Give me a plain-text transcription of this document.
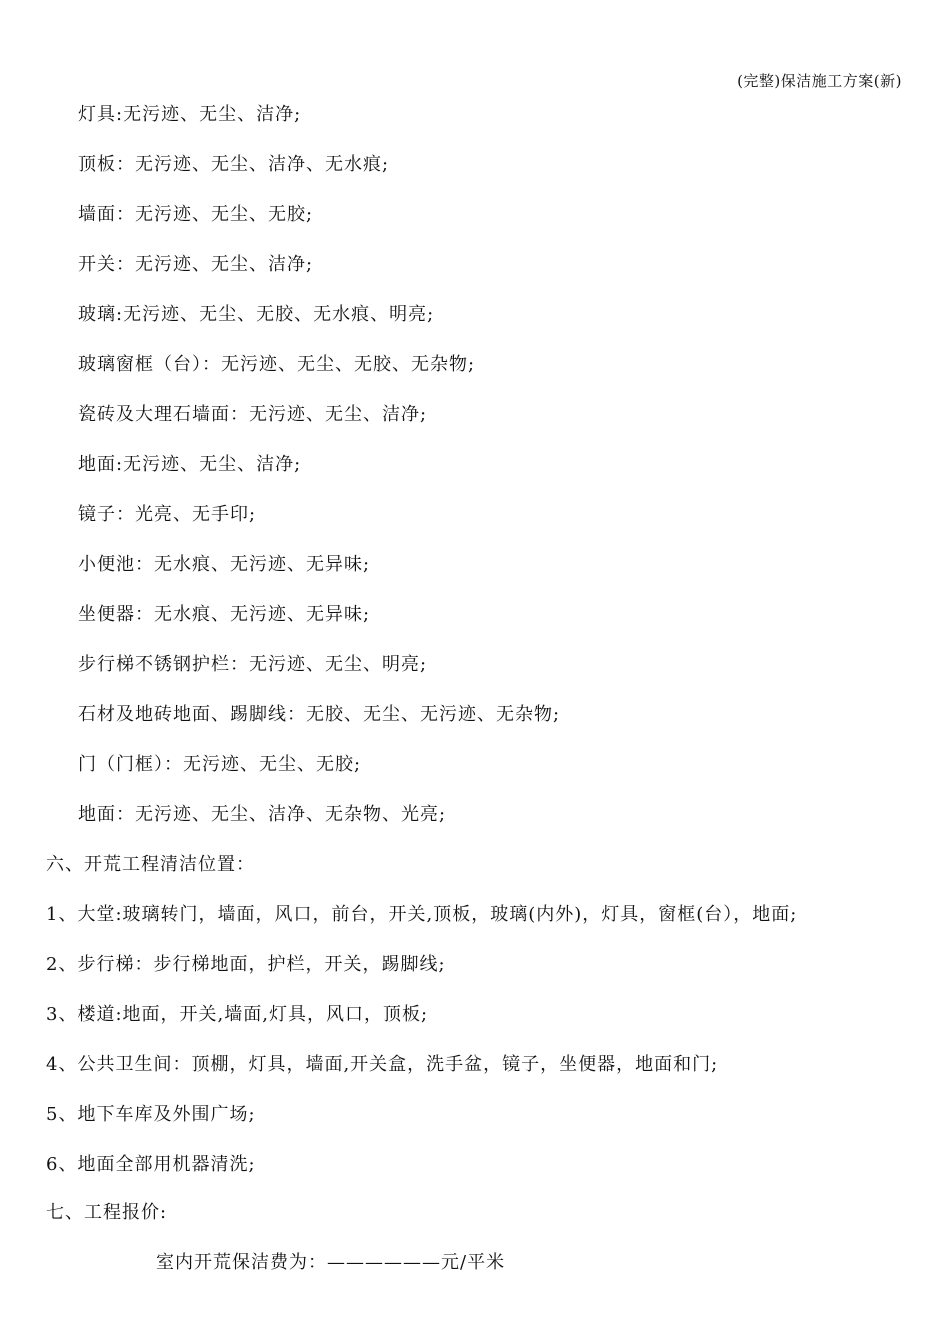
(完整)保洁施工方案(新)
灯具:无污迹、无尘、洁净;
顶板：无污迹、无尘、洁净、无水痕;
墙面：无污迹、无尘、无胶;
开关：无污迹、无尘、洁净;
玻璃:无污迹、无尘、无胶、无水痕、明亮;
玻璃窗框（台）：无污迹、无尘、无胶、无杂物;
瓷砖及大理石墙面：无污迹、无尘、洁净;
地面:无污迹、无尘、洁净;
镜子：光亮、无手印;
小便池：无水痕、无污迹、无异味;
坐便器：无水痕、无污迹、无异味;
步行梯不锈钢护栏：无污迹、无尘、明亮;
石材及地砖地面、踢脚线：无胶、无尘、无污迹、无杂物;
门（门框）：无污迹、无尘、无胶;
地面：无污迹、无尘、洁净、无杂物、光亮;
六、开荒工程清洁位置：
1、大堂:玻璃转门，墙面，风口，前台，开关,顶板，玻璃(内外)，灯具，窗框(台），地面;
2、步行梯：步行梯地面，护栏，开关，踢脚线;
3、楼道:地面，开关,墙面,灯具，风口，顶板;
4、公共卫生间：顶棚，灯具，墙面,开关盒，洗手盆，镜子，坐便器，地面和门;
5、地下车库及外围广场;
6、地面全部用机器清洗;
七、工程报价:
室内开荒保洁费为：——————元/平米
